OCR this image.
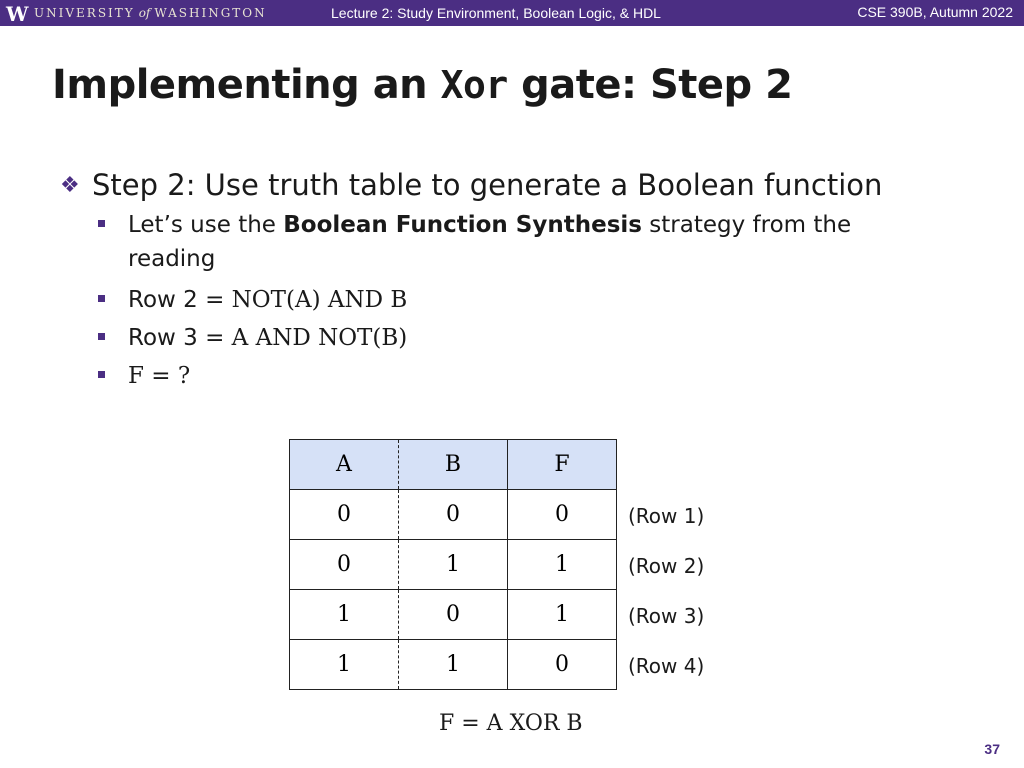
W UNIVERSITY of WASHINGTON	Lecture 2: Study Environment, Boolean Logic, & HDL	CSE 390B, Autumn 2022
Implementing an Xor gate: Step 2
❖ Step 2: Use truth table to generate a Boolean function
Let’s use the Boolean Function Synthesis strategy from the
reading
Row 2 = NOT(A) AND B
Row 3 = A AND NOT(B)
F = ?
A	B	F
0	0	0
0	1	1
1	0	1
1	1	0
(Row 1)
(Row 2)
(Row 3)
(Row 4)
F = A XOR B
37
